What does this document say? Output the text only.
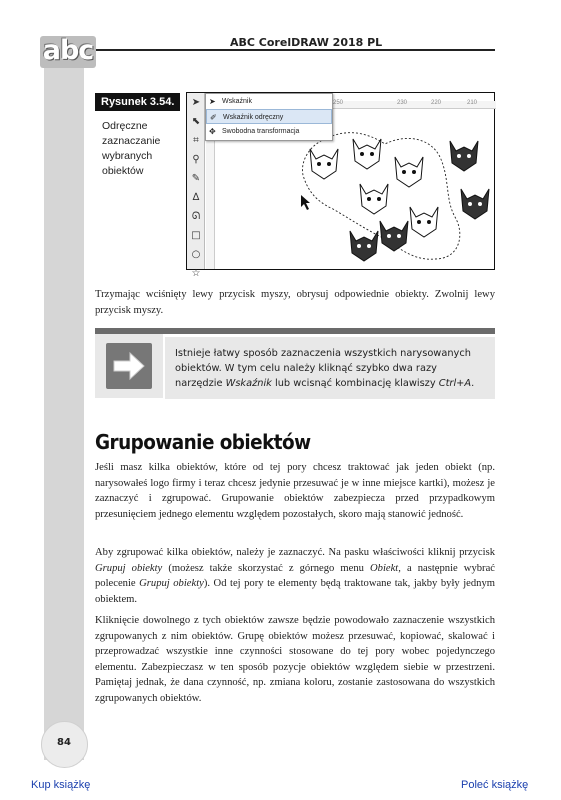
abc	ABC CorelDRAW 2018 PL
Rysunek 3.54.
Odręczne zaznaczanie wybranych obiektów
➤
⬉
⌗
⚲
✎
∆
ᘏ
□
○
☆
250	230	220	210
➤ Wskaźnik
✐ Wskaźnik odręczny
✥ Swobodna transformacja
Trzymając wciśnięty lewy przycisk myszy, obrysuj odpowiednie obiekty. Zwolnij lewy przycisk myszy.
Istnieje łatwy sposób zaznaczenia wszystkich narysowanych obiektów. W tym celu należy kliknąć szybko dwa razy narzędzie Wskaźnik lub wcisnąć kombinację klawiszy Ctrl+A.
Grupowanie obiektów
Jeśli masz kilka obiektów, które od tej pory chcesz traktować jak jeden obiekt (np. narysowałeś logo firmy i teraz chcesz jedynie przesuwać je w inne miejsce kartki), możesz je zaznaczyć i zgrupować. Grupowanie obiektów zabezpiecza przed przypadkowym przesunięciem jednego elementu względem pozostałych, skoro mają stanowić jedność.
Aby zgrupować kilka obiektów, należy je zaznaczyć. Na pasku właściwości kliknij przycisk Grupuj obiekty (możesz także skorzystać z górnego menu Obiekt, a następnie wybrać polecenie Grupuj obiekty). Od tej pory te elementy będą traktowane tak, jakby były jednym obiektem.
Kliknięcie dowolnego z tych obiektów zawsze będzie powodowało zaznaczenie wszystkich zgrupowanych z nim obiektów. Grupę obiektów możesz przesuwać, kopiować, skalować i przeprowadzać wszystkie inne czynności stosowane do tej pory wobec pojedynczego elementu. Zabezpieczasz w ten sposób pozycje obiektów względem siebie w przestrzeni. Pamiętaj jednak, że dana czynność, np. zmiana koloru, zostanie zastosowana do wszystkich zgrupowanych obiektów.
84
Kup książkę	Poleć książkę
